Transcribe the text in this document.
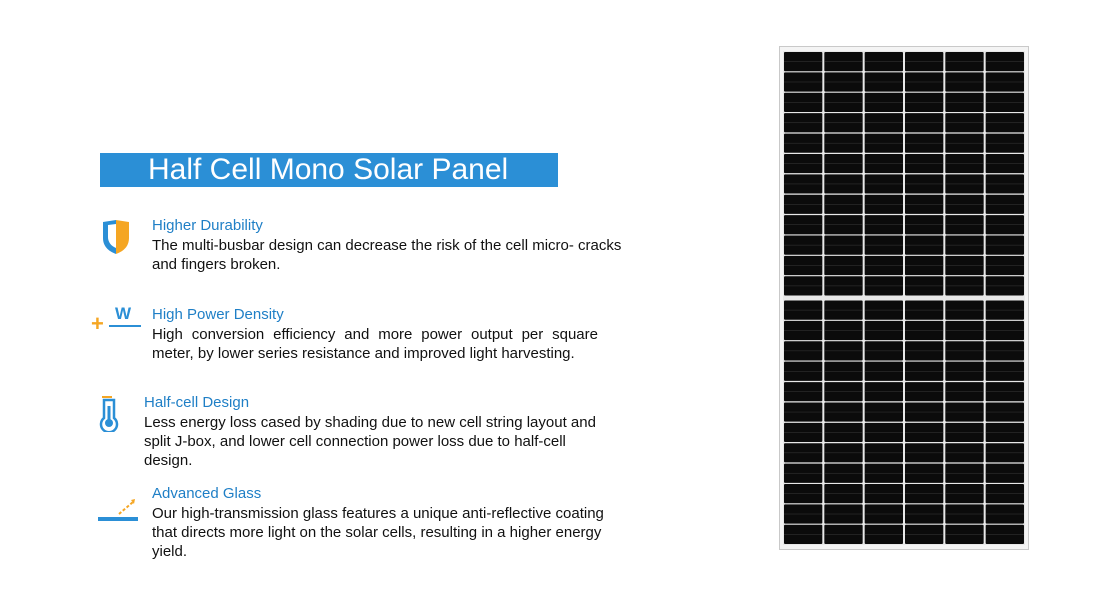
Half Cell Mono Solar Panel
Higher Durability
The multi-busbar design can decrease the risk of the cell micro- cracks and fingers broken.
+ W High Power Density
High conversion efficiency and more power output per square meter, by lower series resistance and improved light harvesting.
Half-cell Design
Less energy loss cased by shading due to new cell string layout and split J-box, and lower cell connection power loss due to half-cell design.
Advanced Glass
Our high-transmission glass features a unique anti-reflective coating that directs more light on the solar cells, resulting in a higher energy yield.
